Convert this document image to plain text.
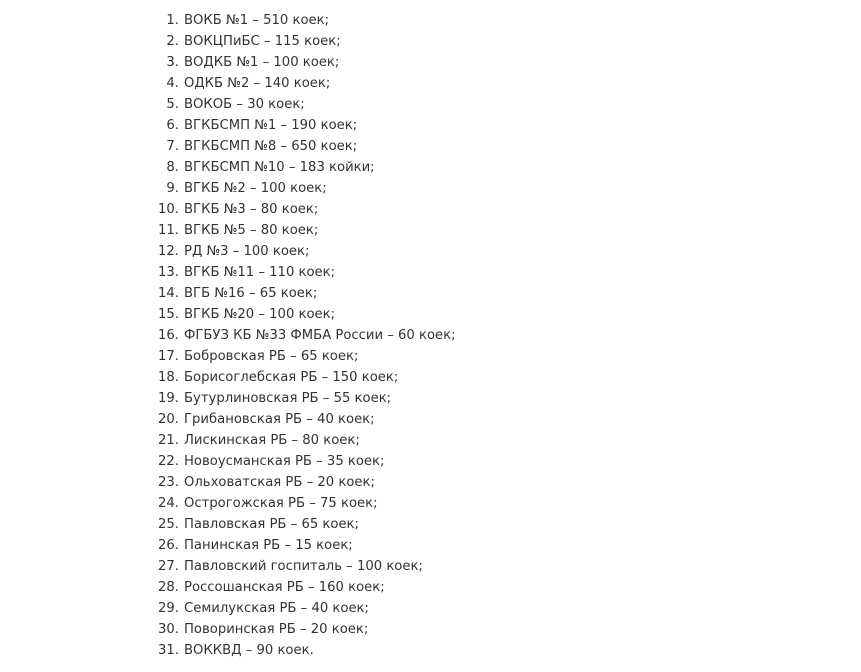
1. ВОКБ №1 – 510 коек;
2. ВОКЦПиБС – 115 коек;
3. ВОДКБ №1 – 100 коек;
4. ОДКБ №2 – 140 коек;
5. ВОКОБ – 30 коек;
6. ВГКБСМП №1 – 190 коек;
7. ВГКБСМП №8 – 650 коек;
8. ВГКБСМП №10 – 183 койки;
9. ВГКБ №2 – 100 коек;
10. ВГКБ №3 – 80 коек;
11. ВГКБ №5 – 80 коек;
12. РД №3 – 100 коек;
13. ВГКБ №11 – 110 коек;
14. ВГБ №16 – 65 коек;
15. ВГКБ №20 – 100 коек;
16. ФГБУЗ КБ №33 ФМБА России – 60 коек;
17. Бобровская РБ – 65 коек;
18. Борисоглебская РБ – 150 коек;
19. Бутурлиновская РБ – 55 коек;
20. Грибановская РБ – 40 коек;
21. Лискинская РБ – 80 коек;
22. Новоусманская РБ – 35 коек;
23. Ольховатская РБ – 20 коек;
24. Острогожская РБ – 75 коек;
25. Павловская РБ – 65 коек;
26. Панинская РБ – 15 коек;
27. Павловский госпиталь – 100 коек;
28. Россошанская РБ – 160 коек;
29. Семилукская РБ – 40 коек;
30. Поворинская РБ – 20 коек;
31. ВОККВД – 90 коек.
